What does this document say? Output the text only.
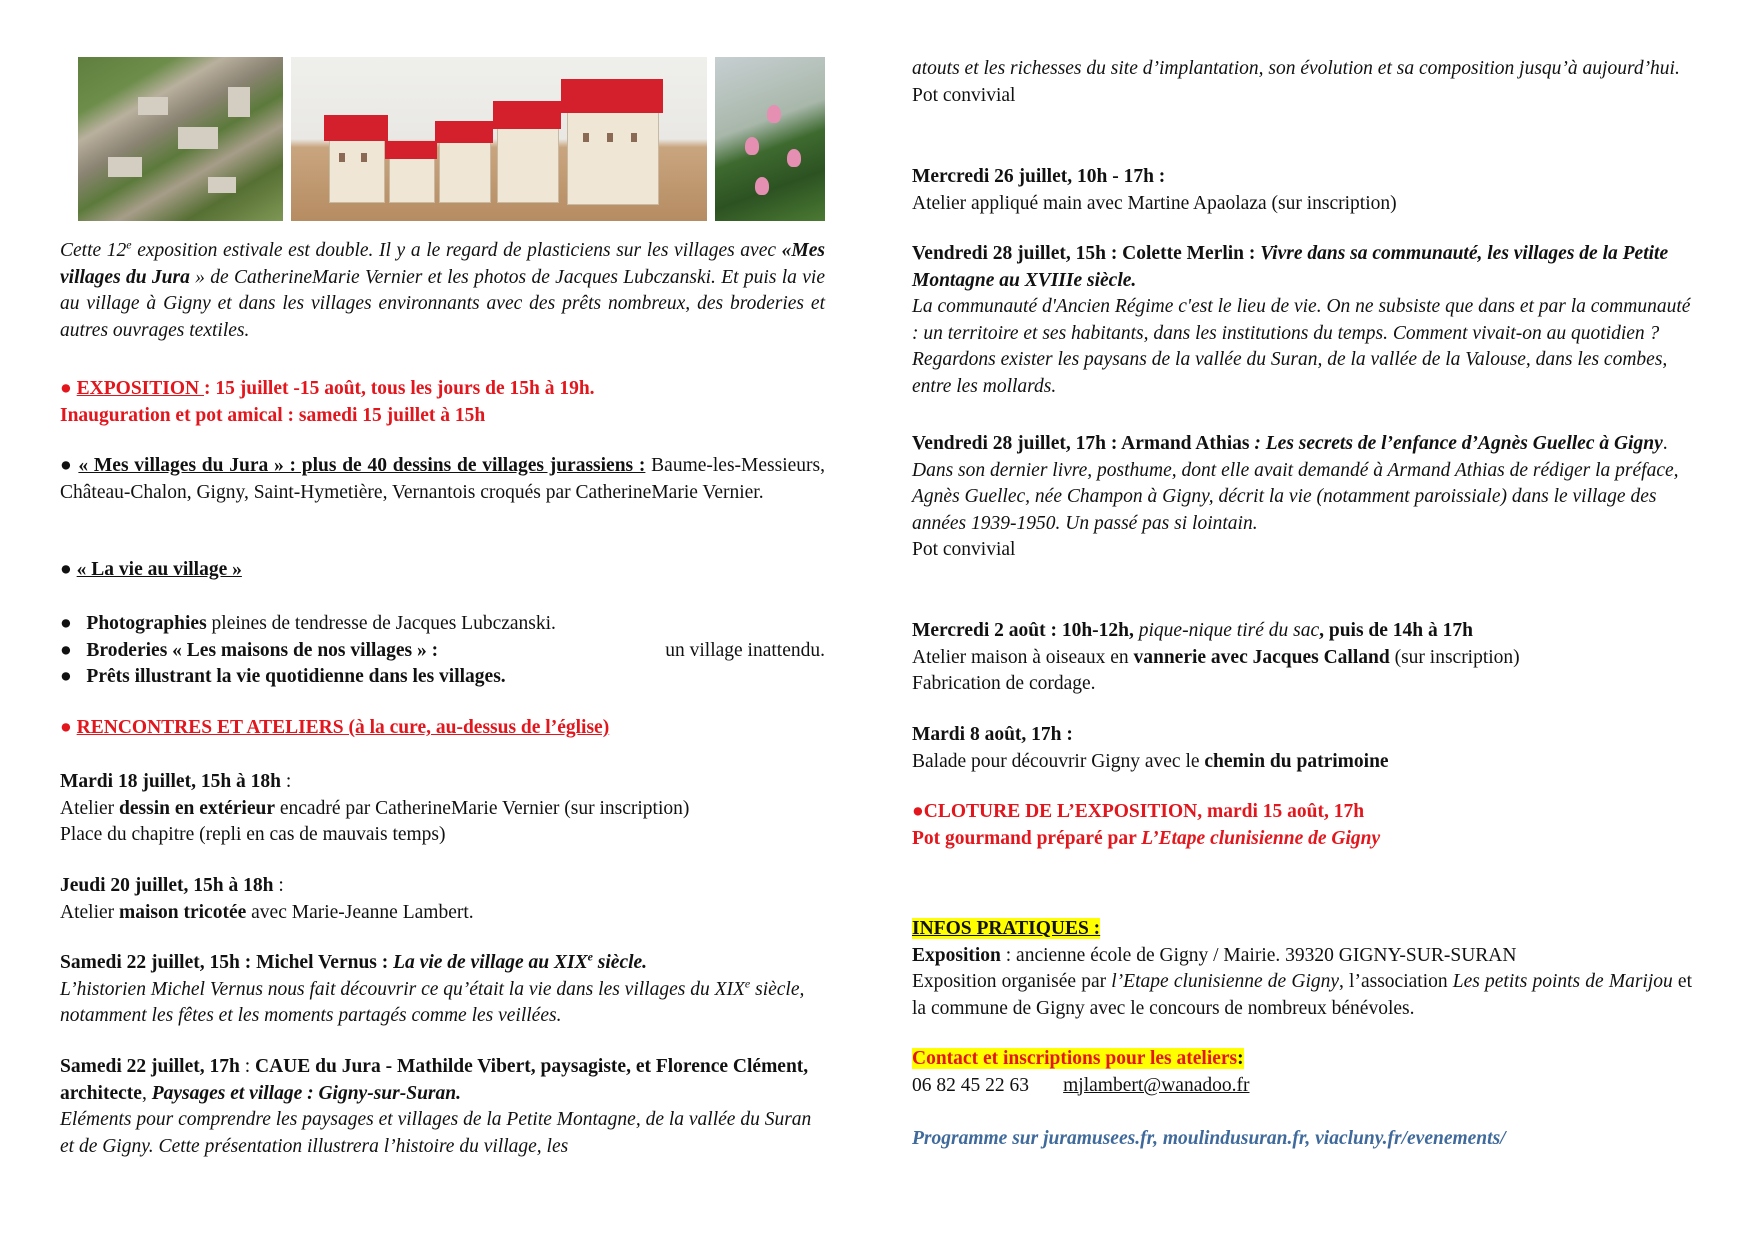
Cette 12e exposition estivale est double. Il y a le regard de plasticiens sur les villages avec «Mes villages du Jura » de CatherineMarie Vernier et les photos de Jacques Lubczanski. Et puis la vie au village à Gigny et dans les villages environnants avec des prêts nombreux, des broderies et autres ouvrages textiles.

● EXPOSITION : 15 juillet -15 août, tous les jours de 15h à 19h.

Inauguration et pot amical : samedi 15 juillet à 15h

● « Mes villages du Jura » : plus de 40 dessins de villages jurassiens : Baume-les-Messieurs, Château-Chalon, Gigny, Saint-Hymetière, Vernantois croqués par CatherineMarie Vernier.

● « La vie au village »

● Photographies pleines de tendresse de Jacques Lubczanski.

● Broderies « Les maisons de nos villages » :	un village inattendu.

● Prêts illustrant la vie quotidienne dans les villages.

● RENCONTRES ET ATELIERS (à la cure, au-dessus de l’église)

Mardi 18 juillet, 15h à 18h :

Atelier dessin en extérieur encadré par CatherineMarie Vernier (sur inscription)

Place du chapitre (repli en cas de mauvais temps)

Jeudi 20 juillet, 15h à 18h :

Atelier maison tricotée avec Marie-Jeanne Lambert.

Samedi 22 juillet, 15h : Michel Vernus : La vie de village au XIXe siècle.

L’historien Michel Vernus nous fait découvrir ce qu’était la vie dans les villages du XIXe siècle, notamment les fêtes et les moments partagés comme les veillées.

Samedi 22 juillet, 17h : CAUE du Jura - Mathilde Vibert, paysagiste, et Florence Clément, architecte, Paysages et village : Gigny-sur-Suran.

Eléments pour comprendre les paysages et villages de la Petite Montagne, de la vallée du Suran et de Gigny. Cette présentation illustrera l’histoire du village, les

atouts et les richesses du site d’implantation, son évolution et sa composition jusqu’à aujourd’hui.

Pot convivial

Mercredi 26 juillet, 10h - 17h :

Atelier appliqué main avec Martine Apaolaza (sur inscription)

Vendredi 28 juillet, 15h : Colette Merlin : Vivre dans sa communauté, les villages de la Petite Montagne au XVIIIe siècle.

La communauté d'Ancien Régime c'est le lieu de vie. On ne subsiste que dans et par la communauté : un territoire et ses habitants, dans les institutions du temps. Comment vivait-on au quotidien ? Regardons exister les paysans de la vallée du Suran, de la vallée de la Valouse, dans les combes, entre les mollards.

Vendredi 28 juillet, 17h : Armand Athias : Les secrets de l’enfance d’Agnès Guellec à Gigny.

Dans son dernier livre, posthume, dont elle avait demandé à Armand Athias de rédiger la préface, Agnès Guellec, née Champon à Gigny, décrit la vie (notamment paroissiale) dans le village des années 1939-1950. Un passé pas si lointain.

Pot convivial

Mercredi 2 août : 10h-12h, pique-nique tiré du sac, puis de 14h à 17h

Atelier maison à oiseaux en vannerie avec Jacques Calland (sur inscription)

Fabrication de cordage.

Mardi 8 août, 17h :

Balade pour découvrir Gigny avec le chemin du patrimoine

●CLOTURE DE L’EXPOSITION, mardi 15 août, 17h

Pot gourmand préparé par L’Etape clunisienne de Gigny

INFOS PRATIQUES :

Exposition : ancienne école de Gigny / Mairie. 39320 GIGNY-SUR-SURAN

Exposition organisée par l’Etape clunisienne de Gigny, l’association Les petits points de Marijou et la commune de Gigny avec le concours de nombreux bénévoles.

Contact et inscriptions pour les ateliers:

06 82 45 22 63 mjlambert@wanadoo.fr

Programme sur juramusees.fr, moulindusuran.fr, viacluny.fr/evenements/
